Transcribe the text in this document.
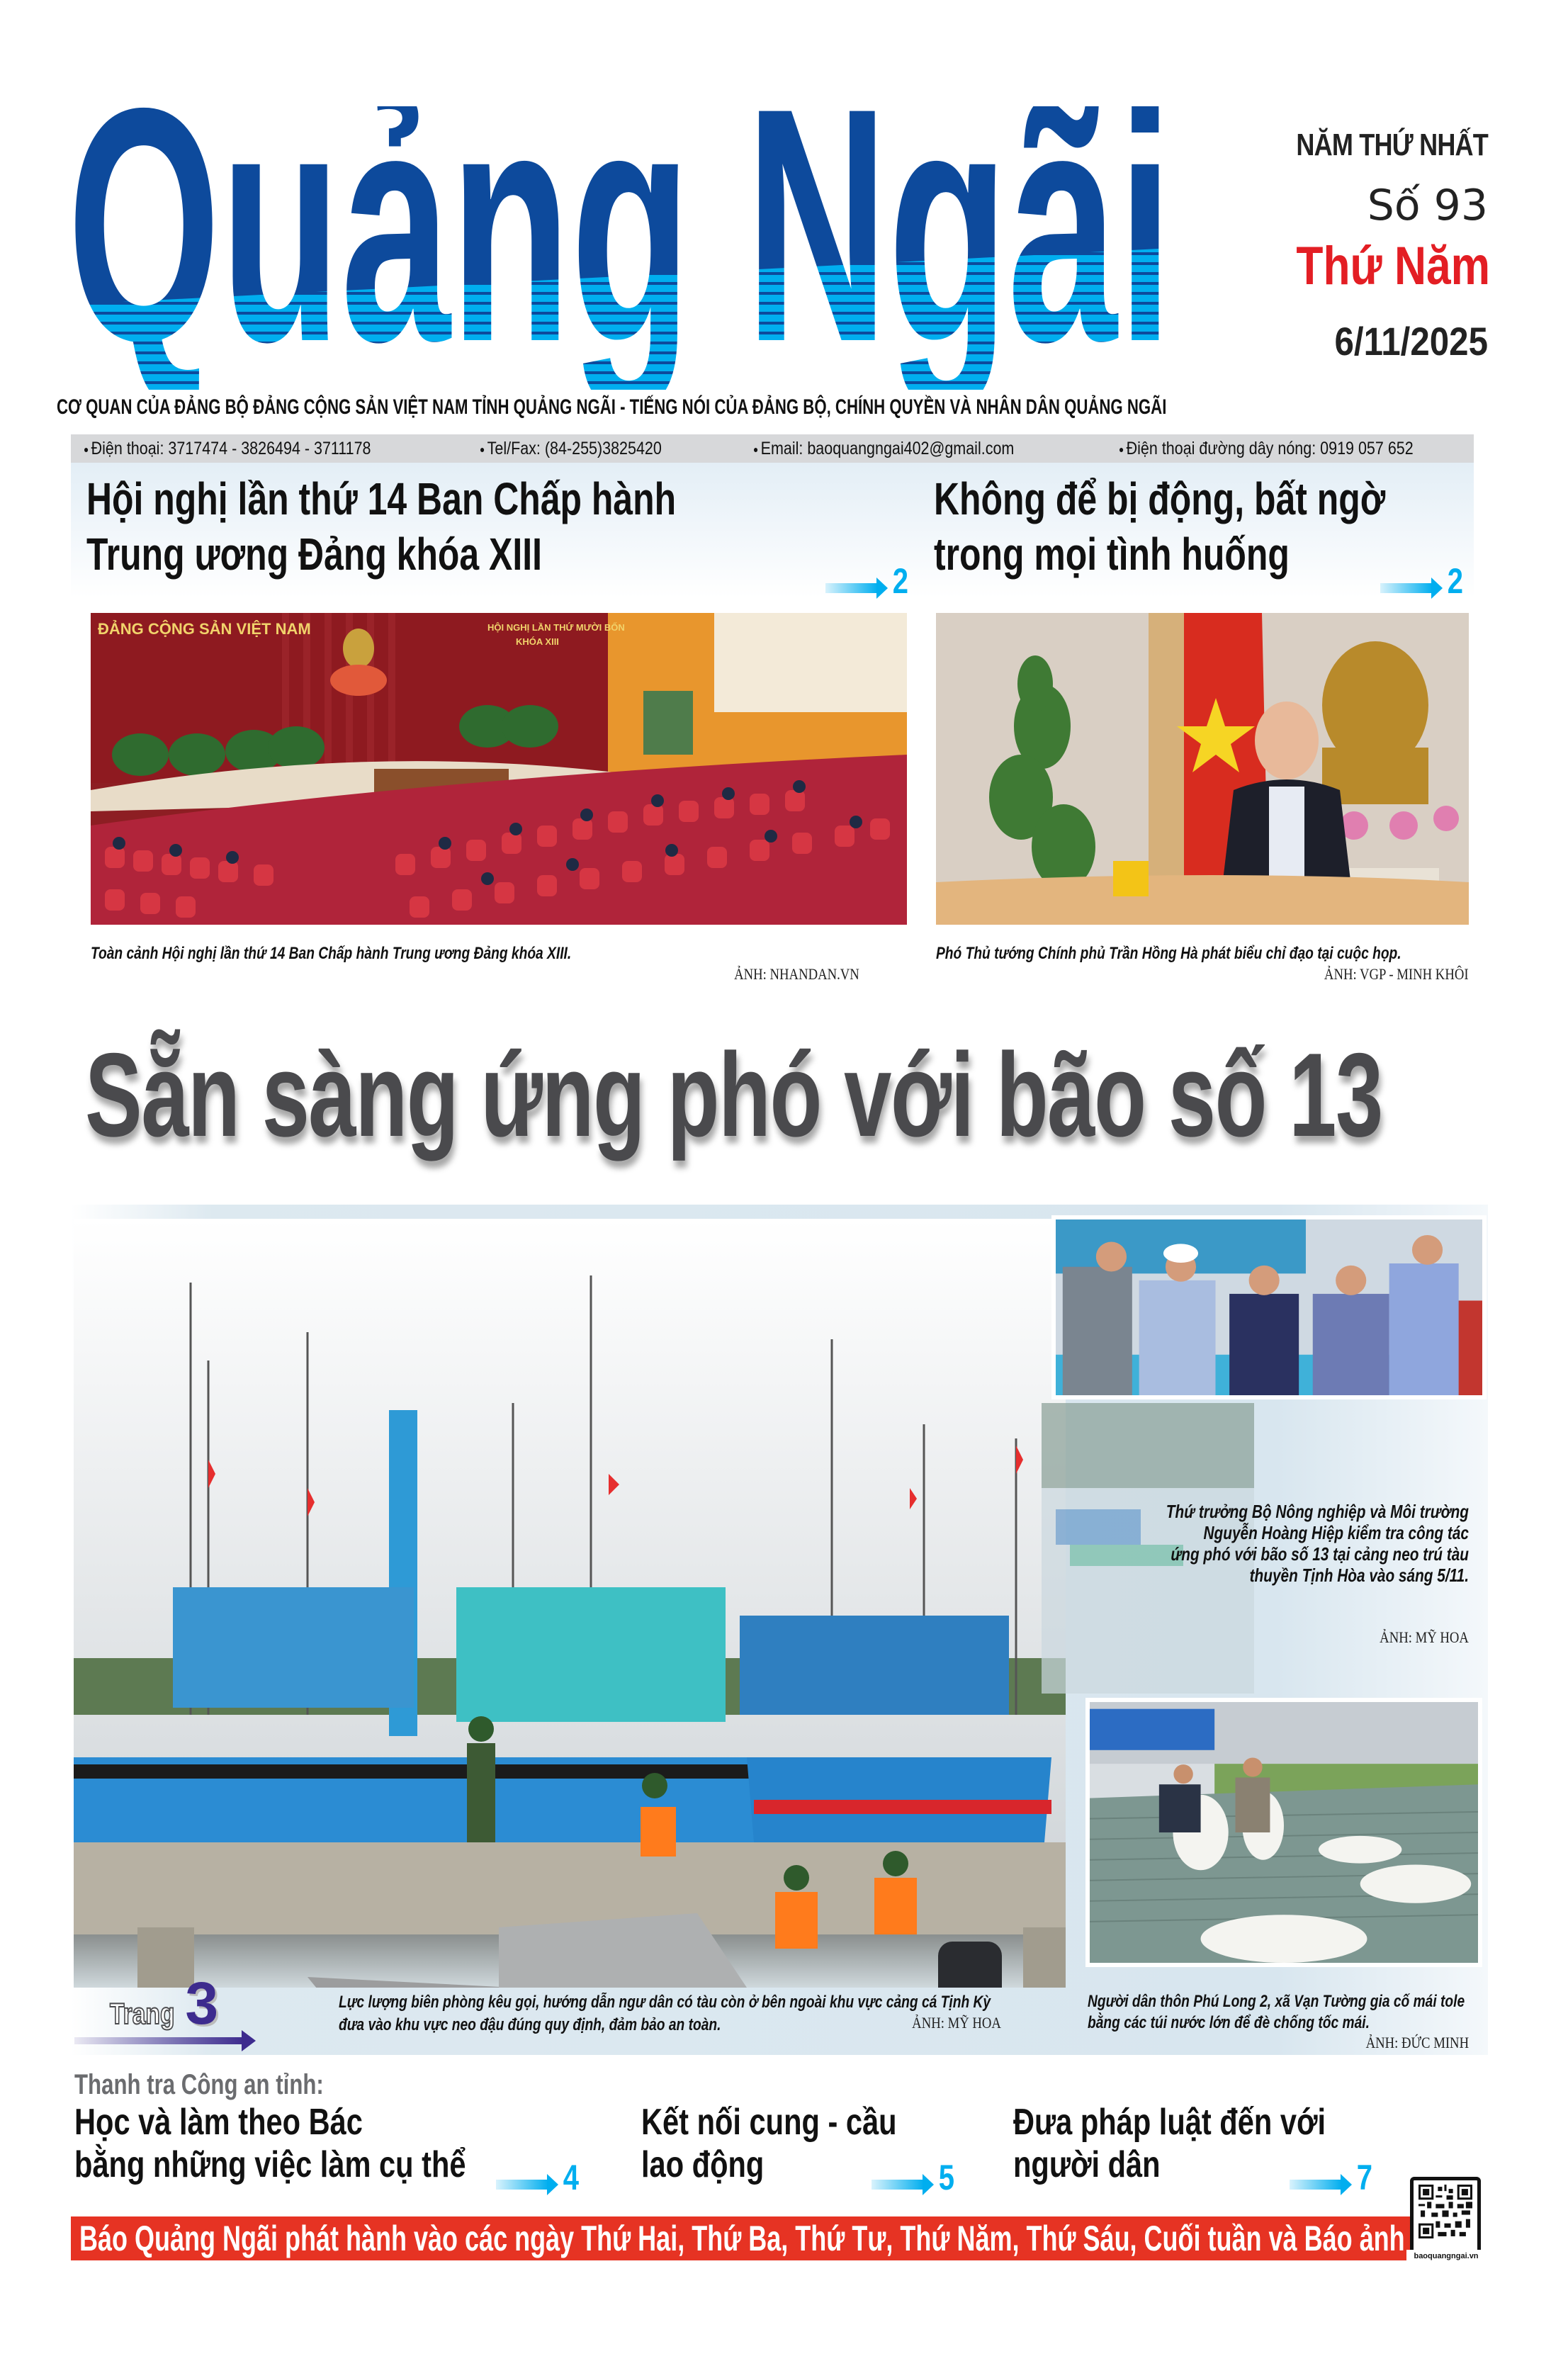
NĂM THỨ NHẤT
Số 93
Thứ Năm
6/11/2025
CƠ QUAN CỦA ĐẢNG BỘ ĐẢNG CỘNG SẢN VIỆT NAM TỈNH QUẢNG NGÃI - TIẾNG NÓI CỦA ĐẢNG BỘ, CHÍNH QUYỀN VÀ NHÂN DÂN QUẢNG NGÃI
● Điện thoại: 3717474 - 3826494 - 3711178	● Tel/Fax: (84-255)3825420	● Email: baoquangngai402@gmail.com	● Điện thoại đường dây nóng: 0919 057 652
Hội nghị lần thứ 14 Ban Chấp hành
Trung ương Đảng khóa XIII
2
Không để bị động, bất ngờ
trong mọi tình huống
2
ĐẢNG CỘNG SẢN VIỆT NAM	HỘI NGHỊ LẦN THỨ MƯỜI BỐN
KHÓA XIII
Toàn cảnh Hội nghị lần thứ 14 Ban Chấp hành Trung ương Đảng khóa XIII.
ẢNH: NHANDAN.VN
Phó Thủ tướng Chính phủ Trần Hồng Hà phát biểu chỉ đạo tại cuộc họp.
ẢNH: VGP - MINH KHÔI
Sẵn sàng ứng phó với bão số 13
Thứ trưởng Bộ Nông nghiệp và Môi trường
Nguyễn Hoàng Hiệp kiểm tra công tác
ứng phó với bão số 13 tại cảng neo trú tàu
thuyền Tịnh Hòa vào sáng 5/11.
ẢNH: MỸ HOA
Trang 3	Lực lượng biên phòng kêu gọi, hướng dẫn ngư dân có tàu còn ở bên ngoài khu vực cảng cá Tịnh Kỳ
đưa vào khu vực neo đậu đúng quy định, đảm bảo an toàn.	ẢNH: MỸ HOA
Người dân thôn Phú Long 2, xã Vạn Tường gia cố mái tole
bằng các túi nước lớn để đè chống tốc mái.
ẢNH: ĐỨC MINH
Thanh tra Công an tỉnh:
Học và làm theo Bác
bằng những việc làm cụ thể	4
Kết nối cung - cầu
lao động	5
Đưa pháp luật đến với
người dân	7
Báo Quảng Ngãi phát hành vào các ngày Thứ Hai, Thứ Ba, Thứ Tư, Thứ Năm, Thứ Sáu, Cuối tuần và Báo ảnh	baoquangngai.vn
